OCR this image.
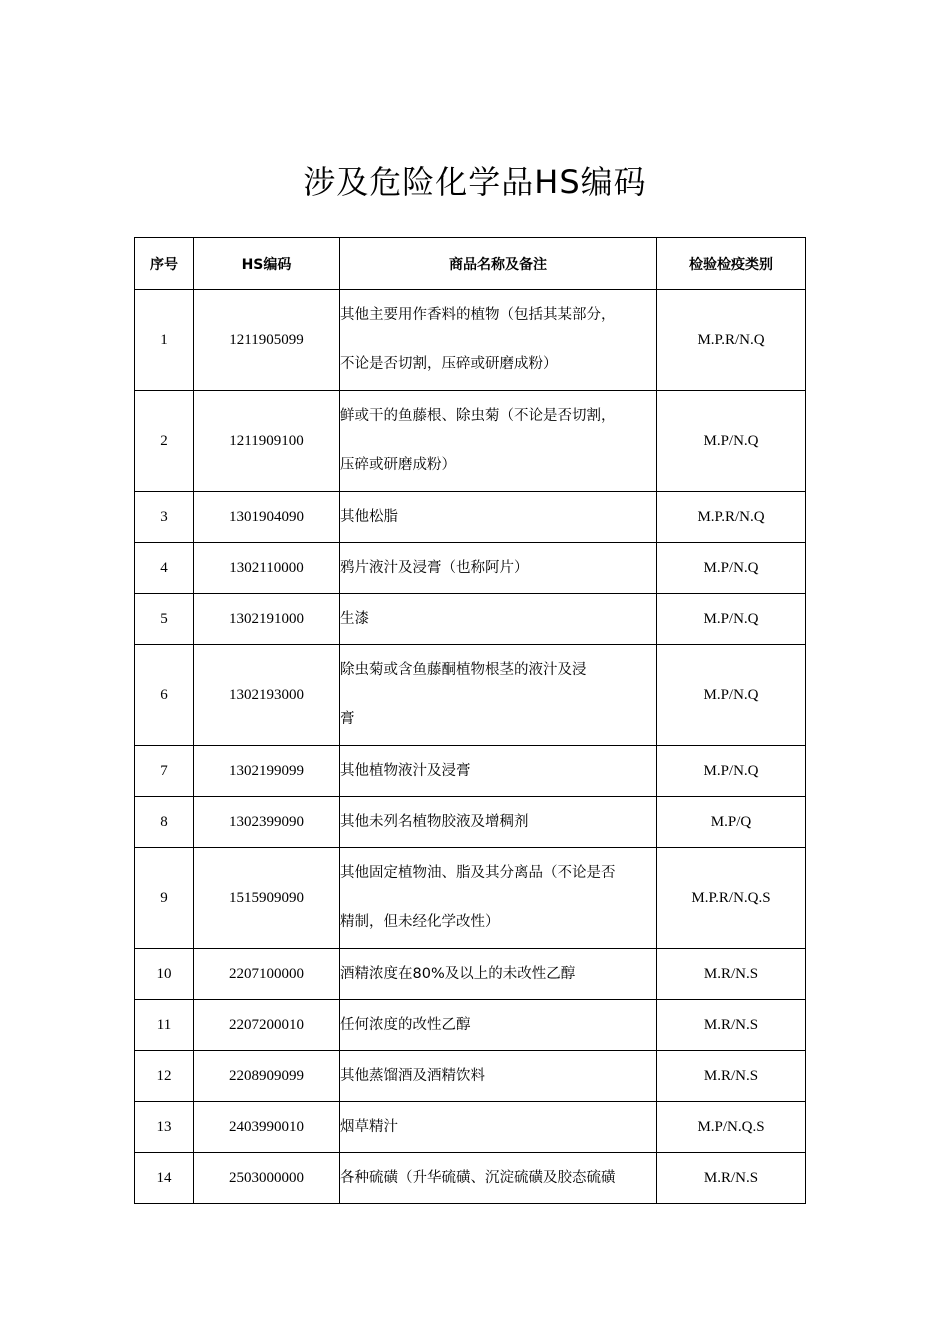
涉及危险化学品HS编码
序号	HS编码	商品名称及备注	检验检疫类别
1	1211905099	其他主要用作香料的植物（包括其某部分，
不论是否切割，压碎或研磨成粉）	M.P.R/N.Q
2	1211909100	鲜或干的鱼藤根、除虫菊（不论是否切割，
压碎或研磨成粉）	M.P/N.Q
3	1301904090	其他松脂	M.P.R/N.Q
4	1302110000	鸦片液汁及浸膏（也称阿片）	M.P/N.Q
5	1302191000	生漆	M.P/N.Q
6	1302193000	除虫菊或含鱼藤酮植物根茎的液汁及浸
膏	M.P/N.Q
7	1302199099	其他植物液汁及浸膏	M.P/N.Q
8	1302399090	其他未列名植物胶液及增稠剂	M.P/Q
9	1515909090	其他固定植物油、脂及其分离品（不论是否
精制，但未经化学改性）	M.P.R/N.Q.S
10	2207100000	酒精浓度在80%及以上的未改性乙醇	M.R/N.S
11	2207200010	任何浓度的改性乙醇	M.R/N.S
12	2208909099	其他蒸馏酒及酒精饮料	M.R/N.S
13	2403990010	烟草精汁	M.P/N.Q.S
14	2503000000	各种硫磺（升华硫磺、沉淀硫磺及胶态硫磺	M.R/N.S
